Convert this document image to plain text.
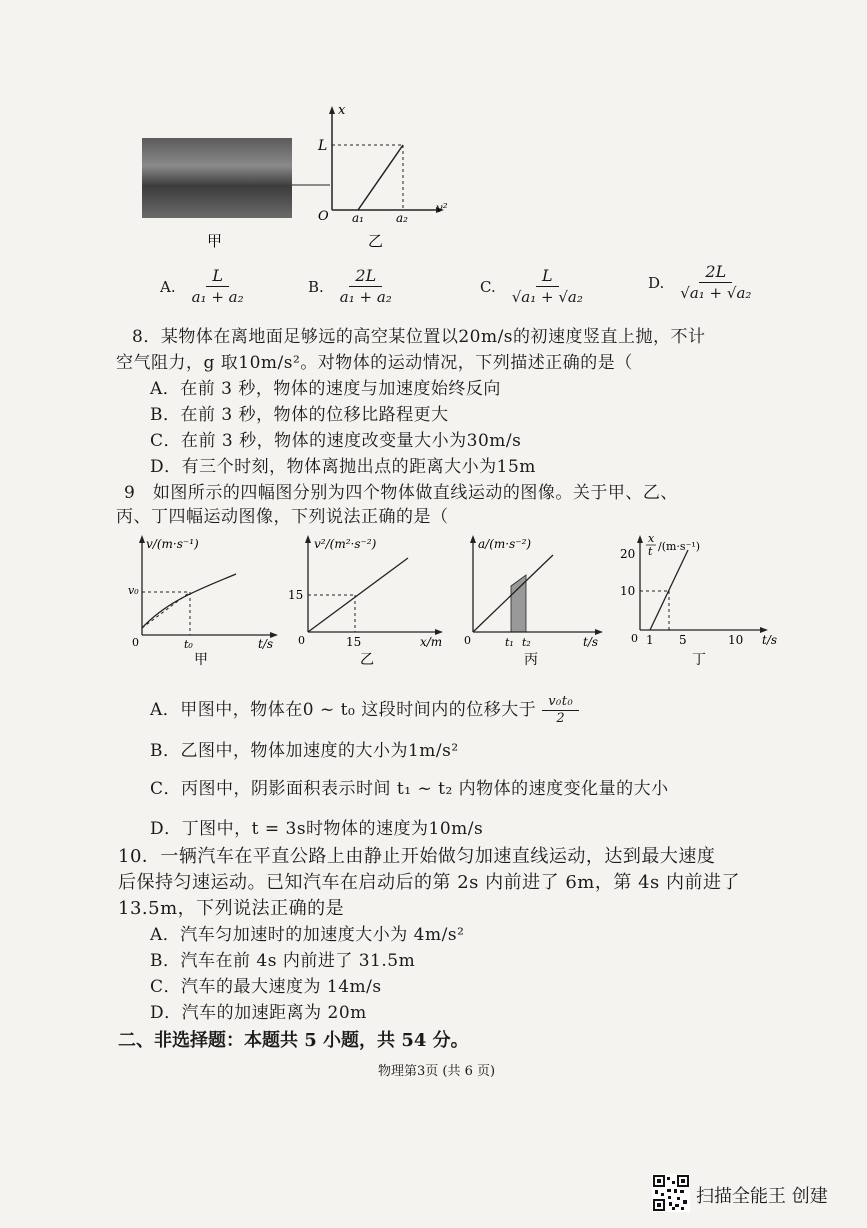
x
v²
L
O a₁	a₂
甲	乙
A. $\frac{L}{\text{a₁ + a₂}}$	B. $\frac{2L}{\text{a₁ + a₂}}$	C. $\frac{L}{\text{√a₁ + √a₂}}$	D. $\frac{2L}{\text{√a₁ + √a₂}}$
8．某物体在离地面足够远的高空某位置以20m/s的初速度竖直上抛，不计
空气阻力，g 取10m/s²。对物体的运动情况，下列描述正确的是（
A．在前 3 秒，物体的速度与加速度始终反向
B．在前 3 秒，物体的位移比路程更大
C．在前 3 秒，物体的速度改变量大小为30m/s
D．有三个时刻，物体离抛出点的距离大小为15m
9　如图所示的四幅图分别为四个物体做直线运动的图像。关于甲、乙、
丙、丁四幅运动图像，下列说法正确的是（
v/(m·s⁻¹)
v₀
t₀	t/s
0
甲
v²/(m²·s⁻²)
15
15	x/m
0
乙
a/(m·s⁻²)
t₁ t₂	t/s
0
丙
x
t /(m·s⁻¹)
20
10
1 5	10 t/s
0
丁
A．甲图中，物体在0 ~ t₀ 这段时间内的位移大于 $\frac{\text{v₀t₀}}{2}$
B．乙图中，物体加速度的大小为1m/s²
C．丙图中，阴影面积表示时间 t₁ ~ t₂ 内物体的速度变化量的大小
D．丁图中，t = 3s时物体的速度为10m/s
10．一辆汽车在平直公路上由静止开始做匀加速直线运动，达到最大速度
后保持匀速运动。已知汽车在启动后的第 2s 内前进了 6m，第 4s 内前进了
13.5m，下列说法正确的是
A．汽车匀加速时的加速度大小为 4m/s²
B．汽车在前 4s 内前进了 31.5m
C．汽车的最大速度为 14m/s
D．汽车的加速距离为 20m
二、非选择题：本题共 5 小题，共 54 分。
物理第3页 (共 6 页)
扫描全能王 创建
